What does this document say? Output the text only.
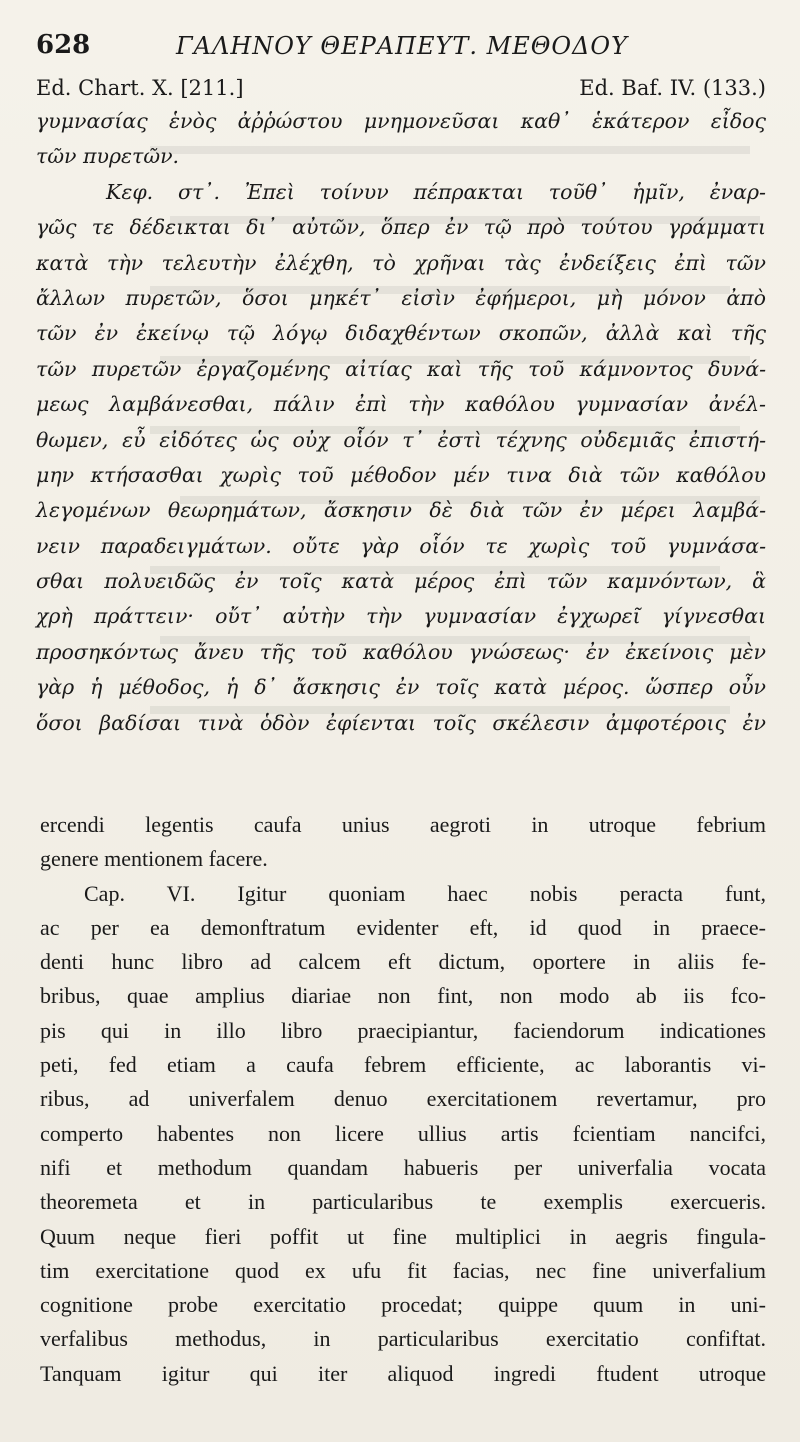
628	ΓΑΛΗΝΟΥ ΘΕΡΑΠΕΥΤ. ΜΕΘΟΔΟΥ
Ed. Chart. X. [211.]	Ed. Baf. IV. (133.)
γυμνασίας ἑνὸς ἀῤῥώστου μνημονεῦσαι καθ᾽ ἑκάτερον εἶδος
τῶν πυρετῶν.
Κεφ. στ᾽. Ἐπεὶ τοίνυν πέπρακται τοῦθ᾽ ἡμῖν, ἐναρ-
γῶς τε δέδεικται δι᾽ αὐτῶν, ὅπερ ἐν τῷ πρὸ τούτου γράμματι
κατὰ τὴν τελευτὴν ἐλέχθη, τὸ χρῆναι τὰς ἐνδείξεις ἐπὶ τῶν
ἄλλων πυρετῶν, ὅσοι μηκέτ᾽ εἰσὶν ἐφήμεροι, μὴ μόνον ἀπὸ
τῶν ἐν ἐκείνῳ τῷ λόγῳ διδαχθέντων σκοπῶν, ἀλλὰ καὶ τῆς
τῶν πυρετῶν ἐργαζομένης αἰτίας καὶ τῆς τοῦ κάμνοντος δυνά-
μεως λαμβάνεσθαι, πάλιν ἐπὶ τὴν καθόλου γυμνασίαν ἀνέλ-
θωμεν, εὖ εἰδότες ὡς οὐχ οἷόν τ᾽ ἐστὶ τέχνης οὐδεμιᾶς ἐπιστή-
μην κτήσασθαι χωρὶς τοῦ μέθοδον μέν τινα διὰ τῶν καθόλου
λεγομένων θεωρημάτων, ἄσκησιν δὲ διὰ τῶν ἐν μέρει λαμβά-
νειν παραδειγμάτων. οὔτε γὰρ οἷόν τε χωρὶς τοῦ γυμνάσα-
σθαι πολυειδῶς ἐν τοῖς κατὰ μέρος ἐπὶ τῶν καμνόντων, ἃ
χρὴ πράττειν· οὔτ᾽ αὐτὴν τὴν γυμνασίαν ἐγχωρεῖ γίγνεσθαι
προσηκόντως ἄνευ τῆς τοῦ καθόλου γνώσεως· ἐν ἐκείνοις μὲν
γὰρ ἡ μέθοδος, ἡ δ᾽ ἄσκησις ἐν τοῖς κατὰ μέρος. ὥσπερ οὖν
ὅσοι βαδίσαι τινὰ ὁδὸν ἐφίενται τοῖς σκέλεσιν ἀμφοτέροις ἐν
ercendi legentis caufa unius aegroti in utroque febrium
genere mentionem facere.
Cap. VI. Igitur quoniam haec nobis peracta funt,
ac per ea demonftratum evidenter eft, id quod in praece-
denti hunc libro ad calcem eft dictum, oportere in aliis fe-
bribus, quae amplius diariae non fint, non modo ab iis fco-
pis qui in illo libro praecipiantur, faciendorum indicationes
peti, fed etiam a caufa febrem efficiente, ac laborantis vi-
ribus, ad univerfalem denuo exercitationem revertamur, pro
comperto habentes non licere ullius artis fcientiam nancifci,
nifi et methodum quandam habueris per univerfalia vocata
theoremeta et in particularibus te exemplis exercueris.
Quum neque fieri poffit ut fine multiplici in aegris fingula-
tim exercitatione quod ex ufu fit facias, nec fine univerfalium
cognitione probe exercitatio procedat; quippe quum in uni-
verfalibus methodus, in particularibus exercitatio confiftat.
Tanquam igitur qui iter aliquod ingredi ftudent utroque
